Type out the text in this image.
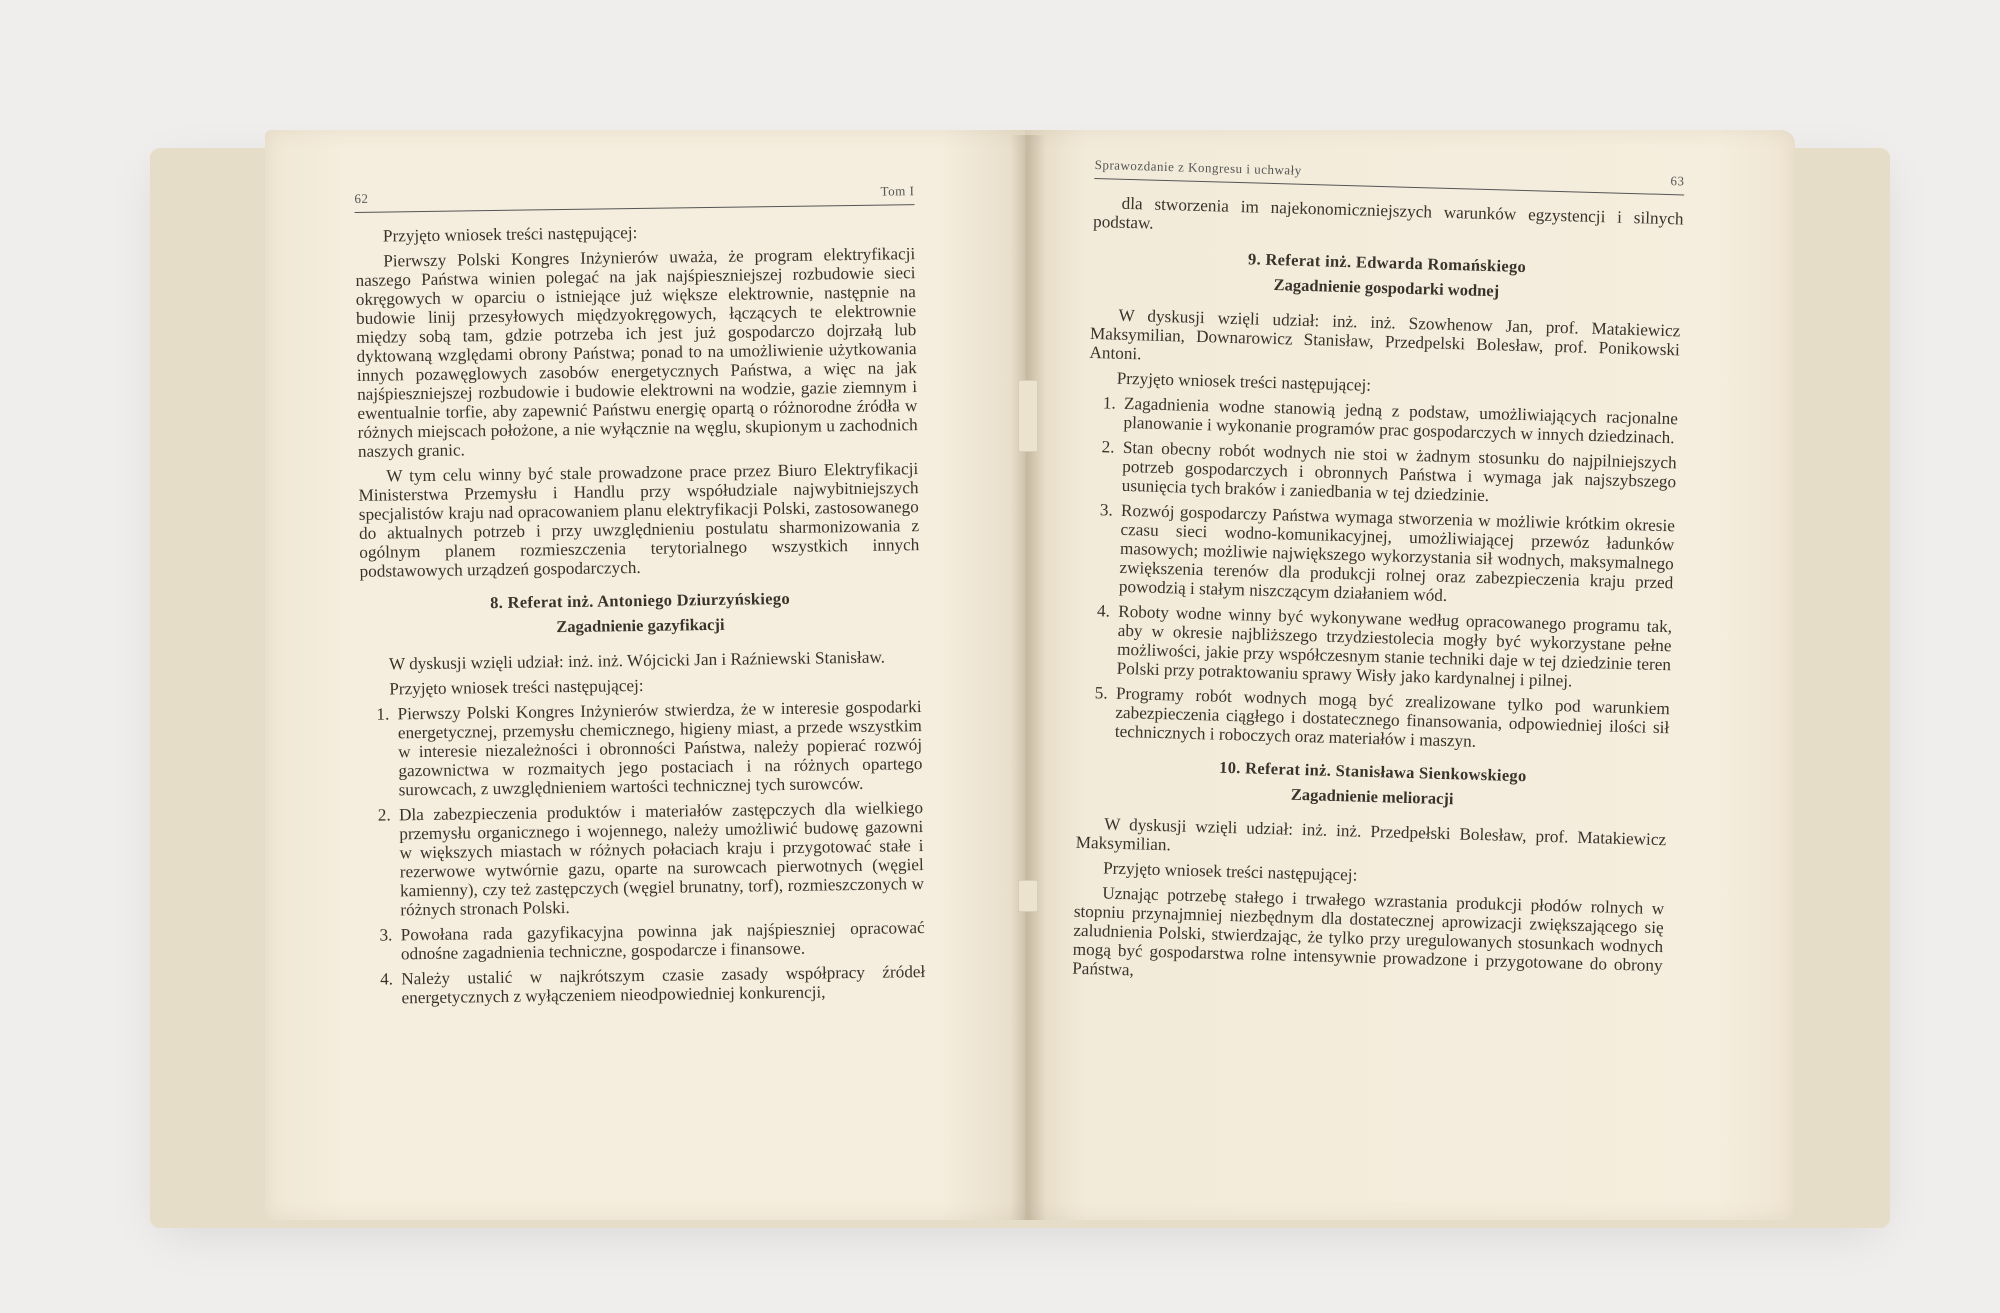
62	Tom I

Przyjęto wniosek treści następującej:

Pierwszy Polski Kongres Inżynierów uważa, że program elektryfikacji naszego Państwa winien polegać na jak najśpieszniejszej rozbudowie sieci okręgowych w oparciu o istniejące już większe elektrownie, następnie na budowie linij przesyłowych międzyokręgowych, łączących te elektrownie między sobą tam, gdzie potrzeba ich jest już gospodarczo dojrzałą lub dyktowaną względami obrony Państwa; ponad to na umożliwienie użytkowania innych pozawęglowych zasobów energetycznych Państwa, a więc na jak najśpieszniejszej rozbudowie i budowie elektrowni na wodzie, gazie ziemnym i ewentualnie torfie, aby zapewnić Państwu energię opartą o różnorodne źródła w różnych miejscach położone, a nie wyłącznie na węglu, skupionym u zachodnich naszych granic.

W tym celu winny być stale prowadzone prace przez Biuro Elektryfikacji Ministerstwa Przemysłu i Handlu przy współudziale najwybitniejszych specjalistów kraju nad opracowaniem planu elektryfikacji Polski, zastosowanego do aktualnych potrzeb i przy uwzględnieniu postulatu sharmonizowania z ogólnym planem rozmieszczenia terytorialnego wszystkich innych podstawowych urządzeń gospodarczych.

8. Referat inż. Antoniego Dziurzyńskiego
Zagadnienie gazyfikacji

W dyskusji wzięli udział: inż. inż. Wójcicki Jan i Raźniewski Stanisław.

Przyjęto wniosek treści następującej:

1. Pierwszy Polski Kongres Inżynierów stwierdza, że w interesie gospodarki energetycznej, przemysłu chemicznego, higieny miast, a przede wszystkim w interesie niezależności i obronności Państwa, należy popierać rozwój gazownictwa w rozmaitych jego postaciach i na różnych opartego surowcach, z uwzględnieniem wartości technicznej tych surowców.
2. Dla zabezpieczenia produktów i materiałów zastępczych dla wielkiego przemysłu organicznego i wojennego, należy umożliwić budowę gazowni w większych miastach w różnych połaciach kraju i przygotować stałe i rezerwowe wytwórnie gazu, oparte na surowcach pierwotnych (węgiel kamienny), czy też zastępczych (węgiel brunatny, torf), rozmieszczonych w różnych stronach Polski.
3. Powołana rada gazyfikacyjna powinna jak najśpieszniej opracować odnośne zagadnienia techniczne, gospodarcze i finansowe.
4. Należy ustalić w najkrótszym czasie zasady współpracy źródeł energetycznych z wyłączeniem nieodpowiedniej konkurencji,
Sprawozdanie z Kongresu i uchwały
63

dla stworzenia im najekonomiczniejszych warunków egzystencji i silnych podstaw.

9. Referat inż. Edwarda Romańskiego
Zagadnienie gospodarki wodnej

W dyskusji wzięli udział: inż. inż. Szowhenow Jan, prof. Matakiewicz Maksymilian, Downarowicz Stanisław, Przedpelski Bolesław, prof. Ponikowski Antoni.

Przyjęto wniosek treści następującej:

1. Zagadnienia wodne stanowią jedną z podstaw, umożliwiających racjonalne planowanie i wykonanie programów prac gospodarczych w innych dziedzinach.
2. Stan obecny robót wodnych nie stoi w żadnym stosunku do najpilniejszych potrzeb gospodarczych i obronnych Państwa i wymaga jak najszybszego usunięcia tych braków i zaniedbania w tej dziedzinie.
3. Rozwój gospodarczy Państwa wymaga stworzenia w możliwie krótkim okresie czasu sieci wodno-komunikacyjnej, umożliwiającej przewóz ładunków masowych; możliwie największego wykorzystania sił wodnych, maksymalnego zwiększenia terenów dla produkcji rolnej oraz zabezpieczenia kraju przed powodzią i stałym niszczącym działaniem wód.
4. Roboty wodne winny być wykonywane według opracowanego programu tak, aby w okresie najbliższego trzydziestolecia mogły być wykorzystane pełne możliwości, jakie przy współczesnym stanie techniki daje w tej dziedzinie teren Polski przy potraktowaniu sprawy Wisły jako kardynalnej i pilnej.
5. Programy robót wodnych mogą być zrealizowane tylko pod warunkiem zabezpieczenia ciągłego i dostatecznego finansowania, odpowiedniej ilości sił technicznych i roboczych oraz materiałów i maszyn.
10. Referat inż. Stanisława Sienkowskiego
Zagadnienie melioracji

W dyskusji wzięli udział: inż. inż. Przedpełski Bolesław, prof. Matakiewicz Maksymilian.

Przyjęto wniosek treści następującej:

Uznając potrzebę stałego i trwałego wzrastania produkcji płodów rolnych w stopniu przynajmniej niezbędnym dla dostatecznej aprowizacji zwiększającego się zaludnienia Polski, stwierdzając, że tylko przy uregulowanych stosunkach wodnych mogą być gospodarstwa rolne intensywnie prowadzone i przygotowane do obrony Państwa,
